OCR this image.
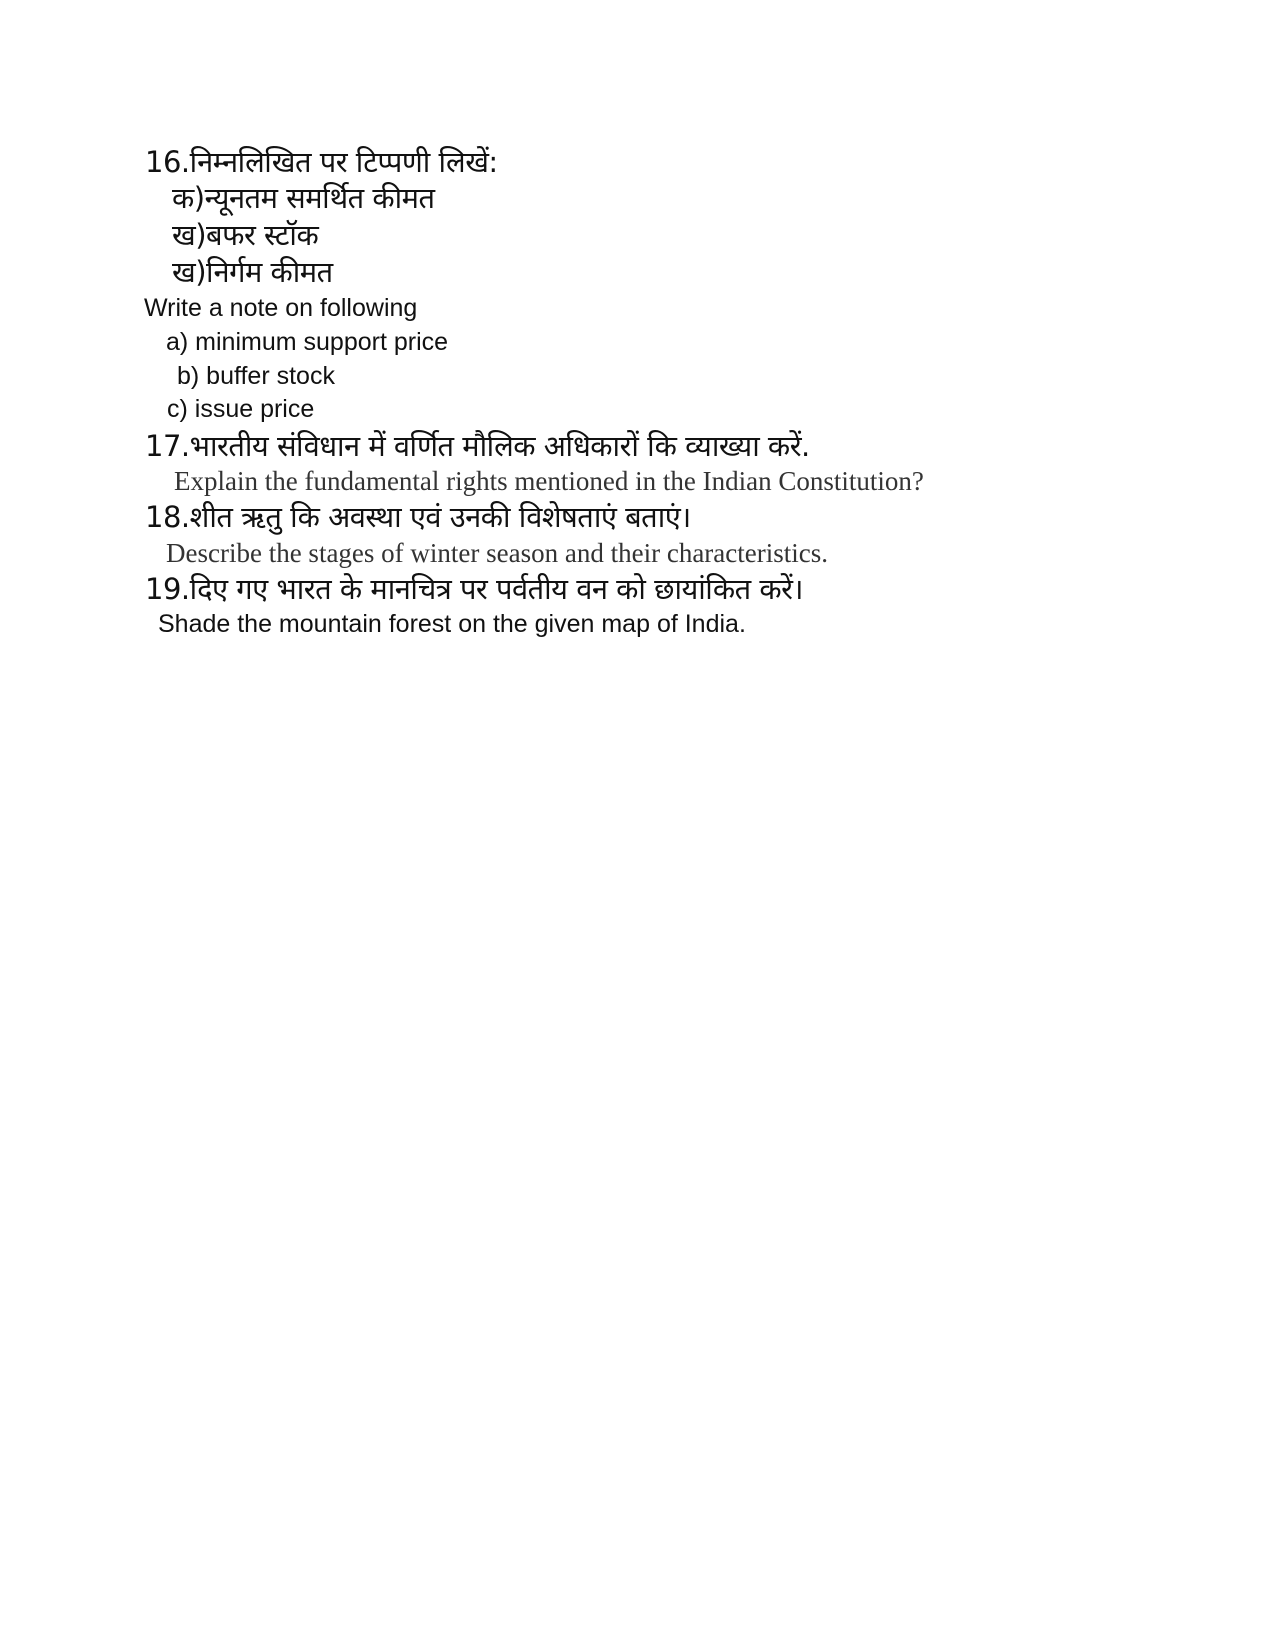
16.निम्नलिखित पर टिप्पणी लिखें:
क)न्यूनतम समर्थित कीमत
ख)बफर स्टॉक
ख)निर्गम कीमत
Write a note on following
a) minimum support price
b) buffer stock
c) issue price
17.भारतीय संविधान में वर्णित मौलिक अधिकारों कि व्याख्या करें.
Explain the fundamental rights mentioned in the Indian Constitution?
18.शीत ऋतु कि अवस्था एवं उनकी विशेषताएं बताएं।
Describe the stages of winter season and their characteristics.
19.दिए गए भारत के मानचित्र पर पर्वतीय वन को छायांकित करें।
Shade the mountain forest on the given map of India.
